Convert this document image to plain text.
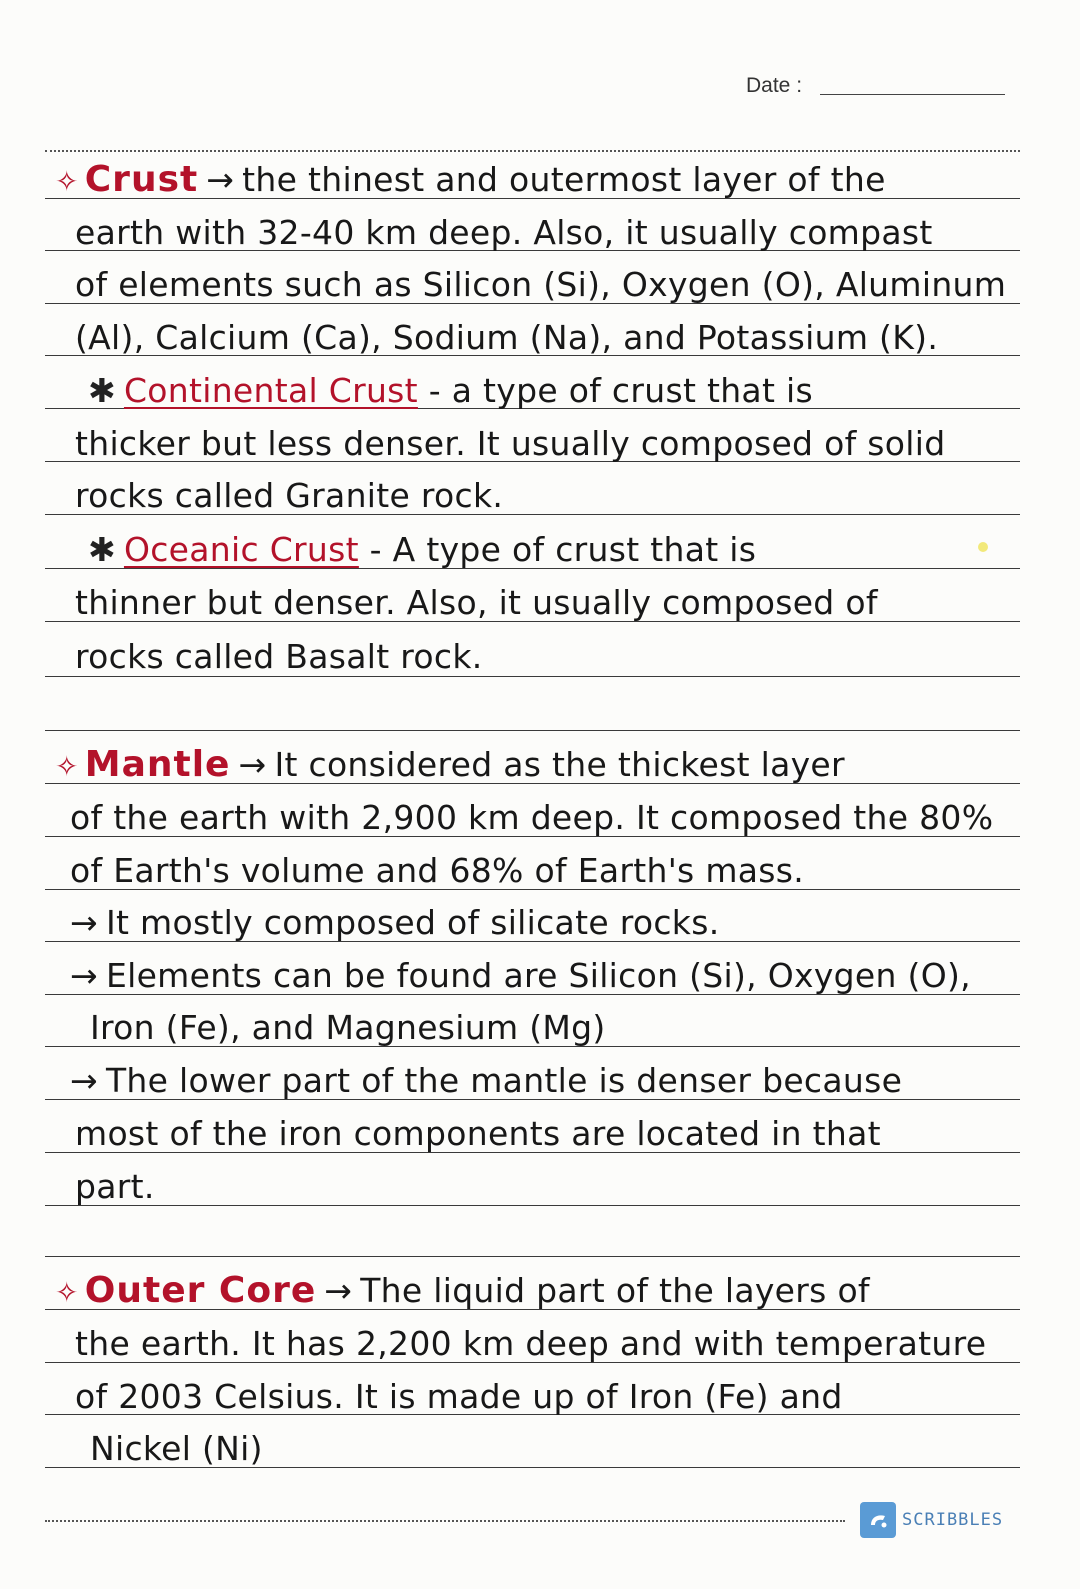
Date :
✧ Crust → the thinest and outermost layer of the
earth with 32-40 km deep. Also, it usually compast
of elements such as Silicon (Si), Oxygen (O), Aluminum
(Al), Calcium (Ca), Sodium (Na), and Potassium (K).
✱ Continental Crust - a type of crust that is
thicker but less denser. It usually composed of solid
rocks called Granite rock.
✱ Oceanic Crust - A type of crust that is
thinner but denser. Also, it usually composed of
rocks called Basalt rock.
✧ Mantle → It considered as the thickest layer
of the earth with 2,900 km deep. It composed the 80%
of Earth's volume and 68% of Earth's mass.
→ It mostly composed of silicate rocks.
→ Elements can be found are Silicon (Si), Oxygen (O),
Iron (Fe), and Magnesium (Mg)
→ The lower part of the mantle is denser because
most of the iron components are located in that
part.
✧ Outer Core → The liquid part of the layers of
the earth. It has 2,200 km deep and with temperature
of 2003 Celsius. It is made up of Iron (Fe) and
Nickel (Ni)
SCRIBBLES
